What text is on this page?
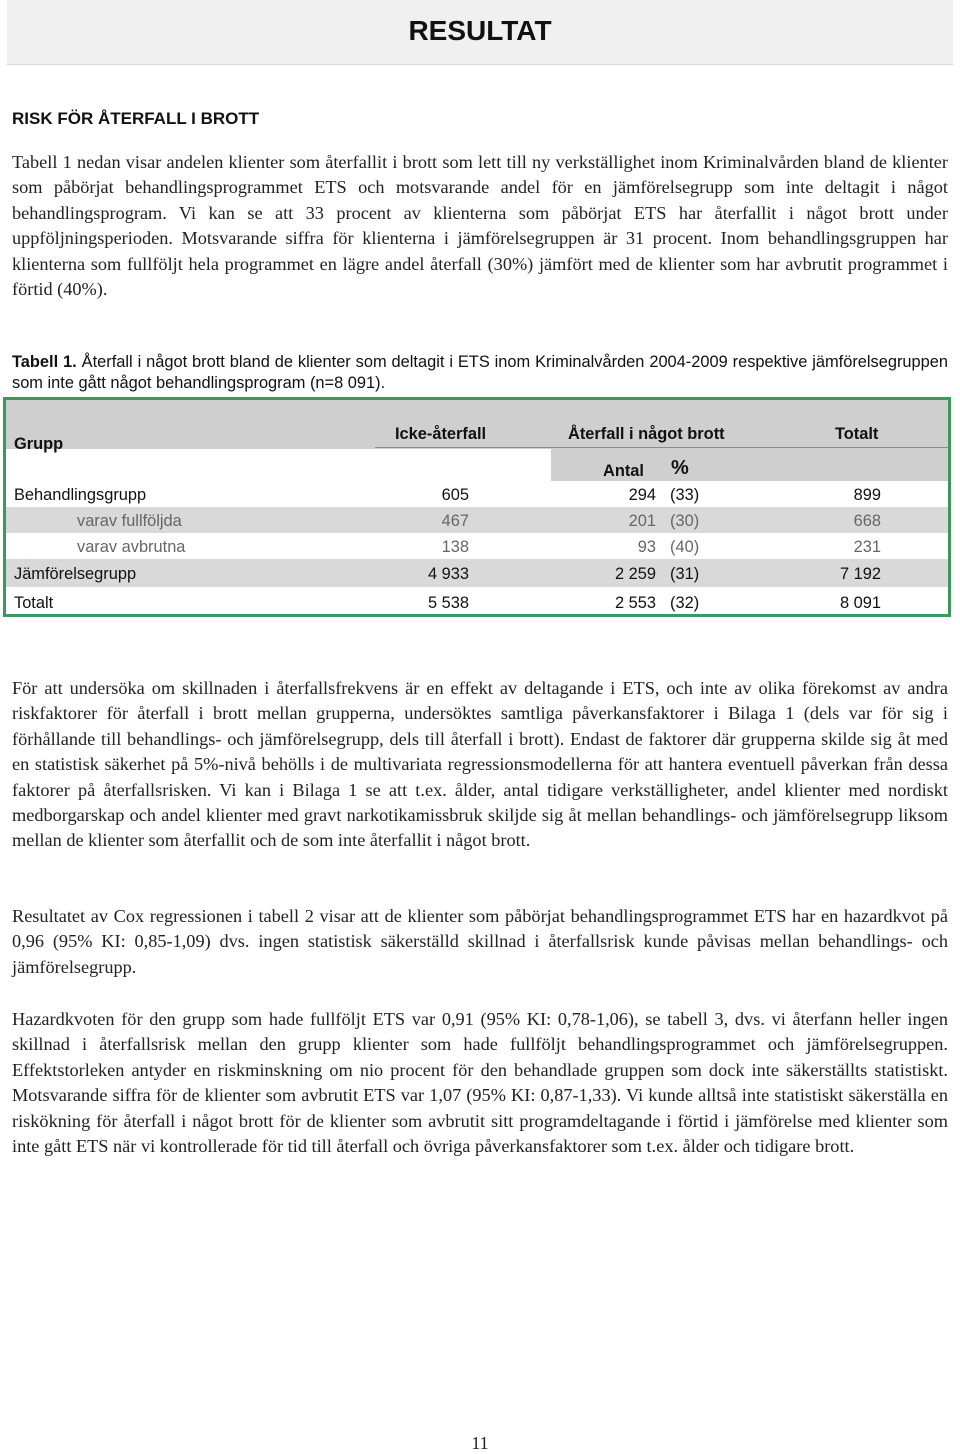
RESULTAT
RISK FÖR ÅTERFALL I BROTT

Tabell 1 nedan visar andelen klienter som återfallit i brott som lett till ny verkställighet inom Kriminalvården bland de klienter som påbörjat behandlingsprogrammet ETS och motsvarande andel för en jämförelsegrupp som inte deltagit i något behandlingsprogram. Vi kan se att 33 procent av klienterna som påbörjat ETS har återfallit i något brott under uppföljningsperioden. Motsvarande siffra för klienterna i jämförelsegruppen är 31 procent. Inom behandlingsgruppen har klienterna som fullföljt hela programmet en lägre andel återfall (30%) jämfört med de klienter som har avbrutit programmet i förtid (40%).

Tabell 1. Återfall i något brott bland de klienter som deltagit i ETS inom Kriminalvården 2004-2009 respektive jämförelsegruppen som inte gått något behandlingsprogram (n=8 091).

Grupp
Icke-återfall	Återfall i något brott	Totalt
Antal %
Behandlingsgrupp	605	294 (33)	899
varav fullföljda	467	201 (30)	668
varav avbrutna	138	93 (40)	231
Jämförelsegrupp	4 933	2 259 (31)	7 192
Totalt	5 538	2 553 (32)	8 091

För att undersöka om skillnaden i återfallsfrekvens är en effekt av deltagande i ETS, och inte av olika förekomst av andra riskfaktorer för återfall i brott mellan grupperna, undersöktes samtliga påverkansfaktorer i Bilaga 1 (dels var för sig i förhållande till behandlings- och jämförelsegrupp, dels till återfall i brott). Endast de faktorer där grupperna skilde sig åt med en statistisk säkerhet på 5%-nivå behölls i de multivariata regressionsmodellerna för att hantera eventuell påverkan från dessa faktorer på återfallsrisken. Vi kan i Bilaga 1 se att t.ex. ålder, antal tidigare verkställigheter, andel klienter med nordiskt medborgarskap och andel klienter med gravt narkotikamissbruk skiljde sig åt mellan behandlings- och jämförelsegrupp liksom mellan de klienter som återfallit och de som inte återfallit i något brott.

Resultatet av Cox regressionen i tabell 2 visar att de klienter som påbörjat behandlingsprogrammet ETS har en hazardkvot på 0,96 (95% KI: 0,85-1,09) dvs. ingen statistisk säkerställd skillnad i återfallsrisk kunde påvisas mellan behandlings- och jämförelsegrupp.

Hazardkvoten för den grupp som hade fullföljt ETS var 0,91 (95% KI: 0,78-1,06), se tabell 3, dvs. vi återfann heller ingen skillnad i återfallsrisk mellan den grupp klienter som hade fullföljt behandlingsprogrammet och jämförelsegruppen. Effektstorleken antyder en riskminskning om nio procent för den behandlade gruppen som dock inte säkerställts statistiskt. Motsvarande siffra för de klienter som avbrutit ETS var 1,07 (95% KI: 0,87-1,33). Vi kunde alltså inte statistiskt säkerställa en riskökning för återfall i något brott för de klienter som avbrutit sitt programdeltagande i förtid i jämförelse med klienter som inte gått ETS när vi kontrollerade för tid till återfall och övriga påverkansfaktorer som t.ex. ålder och tidigare brott.

11
